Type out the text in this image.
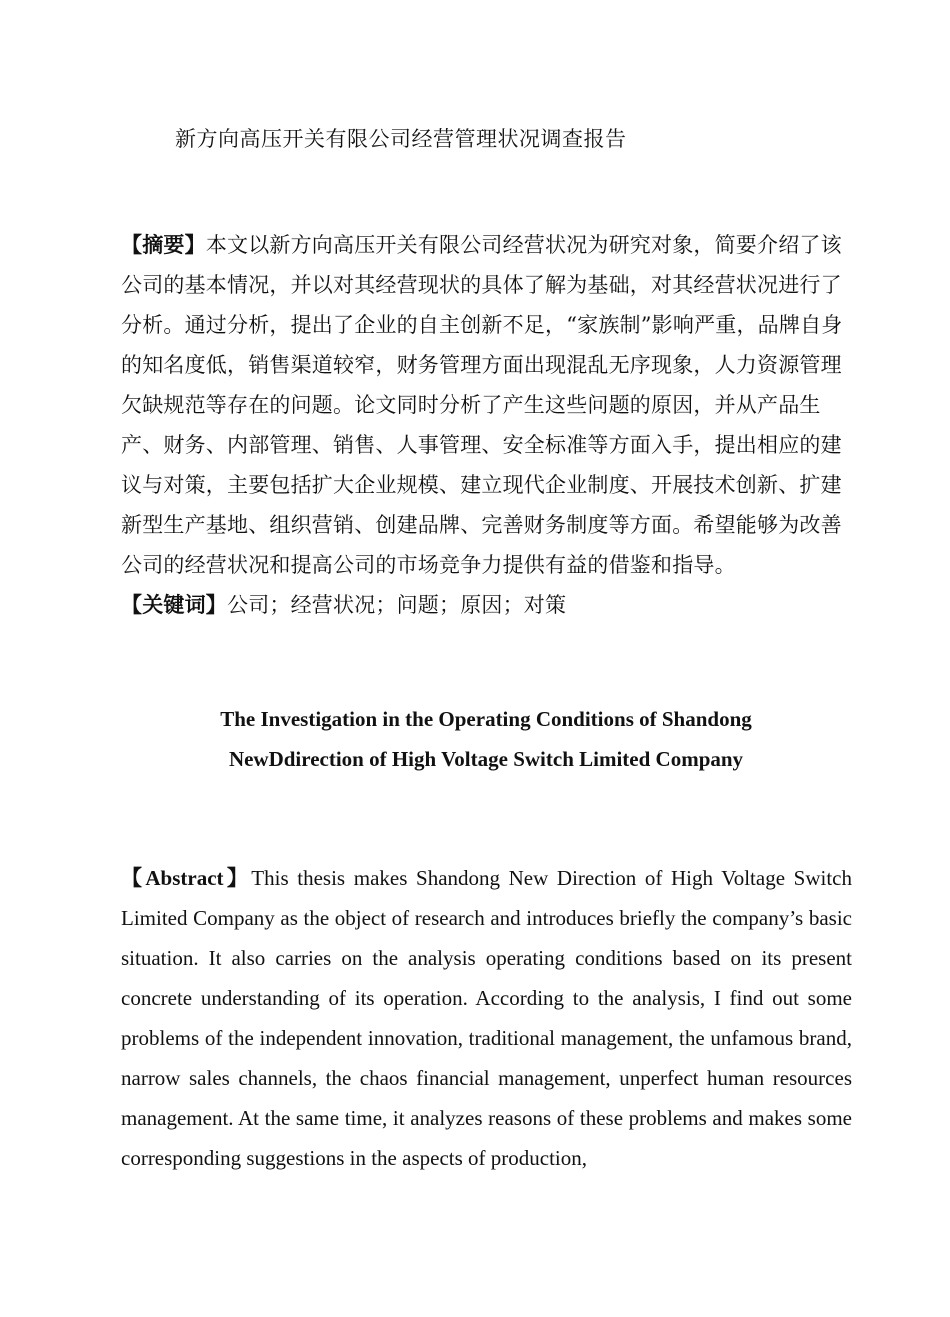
新方向高压开关有限公司经营管理状况调查报告

【摘要】本文以新方向高压开关有限公司经营状况为研究对象，简要介绍了该公司的基本情况，并以对其经营现状的具体了解为基础，对其经营状况进行了分析。通过分析，提出了企业的自主创新不足，“家族制”影响严重，品牌自身的知名度低，销售渠道较窄，财务管理方面出现混乱无序现象，人力资源管理欠缺规范等存在的问题。论文同时分析了产生这些问题的原因，并从产品生产、财务、内部管理、销售、人事管理、安全标准等方面入手，提出相应的建议与对策，主要包括扩大企业规模、建立现代企业制度、开展技术创新、扩建新型生产基地、组织营销、创建品牌、完善财务制度等方面。希望能够为改善公司的经营状况和提高公司的市场竞争力提供有益的借鉴和指导。

【关键词】公司；经营状况；问题；原因；对策

The Investigation in the Operating Conditions of Shandong

NewDdirection of High Voltage Switch Limited Company

【Abstract】This thesis makes Shandong New Direction of High Voltage Switch Limited Company as the object of research and introduces briefly the company’s basic situation. It also carries on the analysis operating conditions based on its present concrete understanding of its operation. According to the analysis, I find out some problems of the independent innovation, traditional management, the unfamous brand, narrow sales channels, the chaos financial management, unperfect human resources management. At the same time, it analyzes reasons of these problems and makes some corresponding suggestions in the aspects of production,
